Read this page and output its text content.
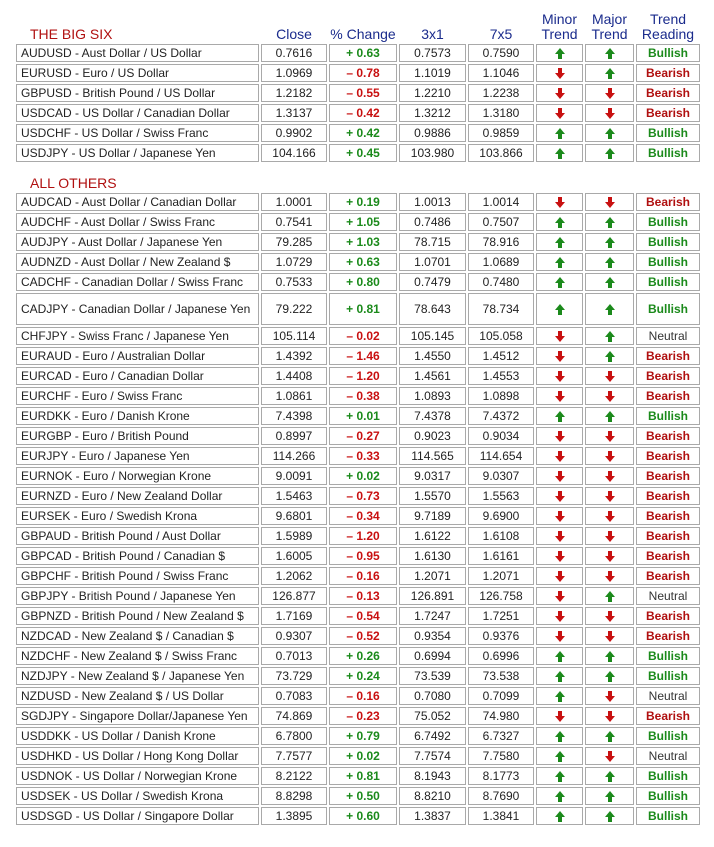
THE BIG SIX	Close	% Change	3x1	7x5	Minor Trend	Major Trend	Trend Reading
AUDUSD - Aust Dollar / US Dollar	0.7616	+ 0.63	0.7573	0.7590			Bullish
EURUSD - Euro / US Dollar	1.0969	– 0.78	1.1019	1.1046			Bearish
GBPUSD - British Pound / US Dollar	1.2182	– 0.55	1.2210	1.2238			Bearish
USDCAD - US Dollar / Canadian Dollar	1.3137	– 0.42	1.3212	1.3180			Bearish
USDCHF - US Dollar / Swiss Franc	0.9902	+ 0.42	0.9886	0.9859			Bullish
USDJPY - US Dollar / Japanese Yen	104.166	+ 0.45	103.980	103.866			Bullish

ALL OTHERS							
AUDCAD - Aust Dollar / Canadian Dollar	1.0001	+ 0.19	1.0013	1.0014			Bearish
AUDCHF - Aust Dollar / Swiss Franc	0.7541	+ 1.05	0.7486	0.7507			Bullish
AUDJPY - Aust Dollar / Japanese Yen	79.285	+ 1.03	78.715	78.916			Bullish
AUDNZD - Aust Dollar / New Zealand $	1.0729	+ 0.63	1.0701	1.0689			Bullish
CADCHF - Canadian Dollar / Swiss Franc	0.7533	+ 0.80	0.7479	0.7480			Bullish
CADJPY - Canadian Dollar / Japanese Yen	79.222	+ 0.81	78.643	78.734			Bullish
CHFJPY - Swiss Franc / Japanese Yen	105.114	– 0.02	105.145	105.058			Neutral
EURAUD - Euro / Australian Dollar	1.4392	– 1.46	1.4550	1.4512			Bearish
EURCAD - Euro / Canadian Dollar	1.4408	– 1.20	1.4561	1.4553			Bearish
EURCHF - Euro / Swiss Franc	1.0861	– 0.38	1.0893	1.0898			Bearish
EURDKK - Euro / Danish Krone	7.4398	+ 0.01	7.4378	7.4372			Bullish
EURGBP - Euro / British Pound	0.8997	– 0.27	0.9023	0.9034			Bearish
EURJPY - Euro / Japanese Yen	114.266	– 0.33	114.565	114.654			Bearish
EURNOK - Euro / Norwegian Krone	9.0091	+ 0.02	9.0317	9.0307			Bearish
EURNZD - Euro / New Zealand Dollar	1.5463	– 0.73	1.5570	1.5563			Bearish
EURSEK - Euro / Swedish Krona	9.6801	– 0.34	9.7189	9.6900			Bearish
GBPAUD - British Pound / Aust Dollar	1.5989	– 1.20	1.6122	1.6108			Bearish
GBPCAD - British Pound / Canadian $	1.6005	– 0.95	1.6130	1.6161			Bearish
GBPCHF - British Pound / Swiss Franc	1.2062	– 0.16	1.2071	1.2071			Bearish
GBPJPY - British Pound / Japanese Yen	126.877	– 0.13	126.891	126.758			Neutral
GBPNZD - British Pound / New Zealand $	1.7169	– 0.54	1.7247	1.7251			Bearish
NZDCAD - New Zealand $ / Canadian $	0.9307	– 0.52	0.9354	0.9376			Bearish
NZDCHF - New Zealand $ / Swiss Franc	0.7013	+ 0.26	0.6994	0.6996			Bullish
NZDJPY - New Zealand $ / Japanese Yen	73.729	+ 0.24	73.539	73.538			Bullish
NZDUSD - New Zealand $ / US Dollar	0.7083	– 0.16	0.7080	0.7099			Neutral
SGDJPY - Singapore Dollar/Japanese Yen	74.869	– 0.23	75.052	74.980			Bearish
USDDKK - US Dollar / Danish Krone	6.7800	+ 0.79	6.7492	6.7327			Bullish
USDHKD - US Dollar / Hong Kong Dollar	7.7577	+ 0.02	7.7574	7.7580			Neutral
USDNOK - US Dollar / Norwegian Krone	8.2122	+ 0.81	8.1943	8.1773			Bullish
USDSEK - US Dollar / Swedish Krona	8.8298	+ 0.50	8.8210	8.7690			Bullish
USDSGD - US Dollar / Singapore Dollar	1.3895	+ 0.60	1.3837	1.3841			Bullish
